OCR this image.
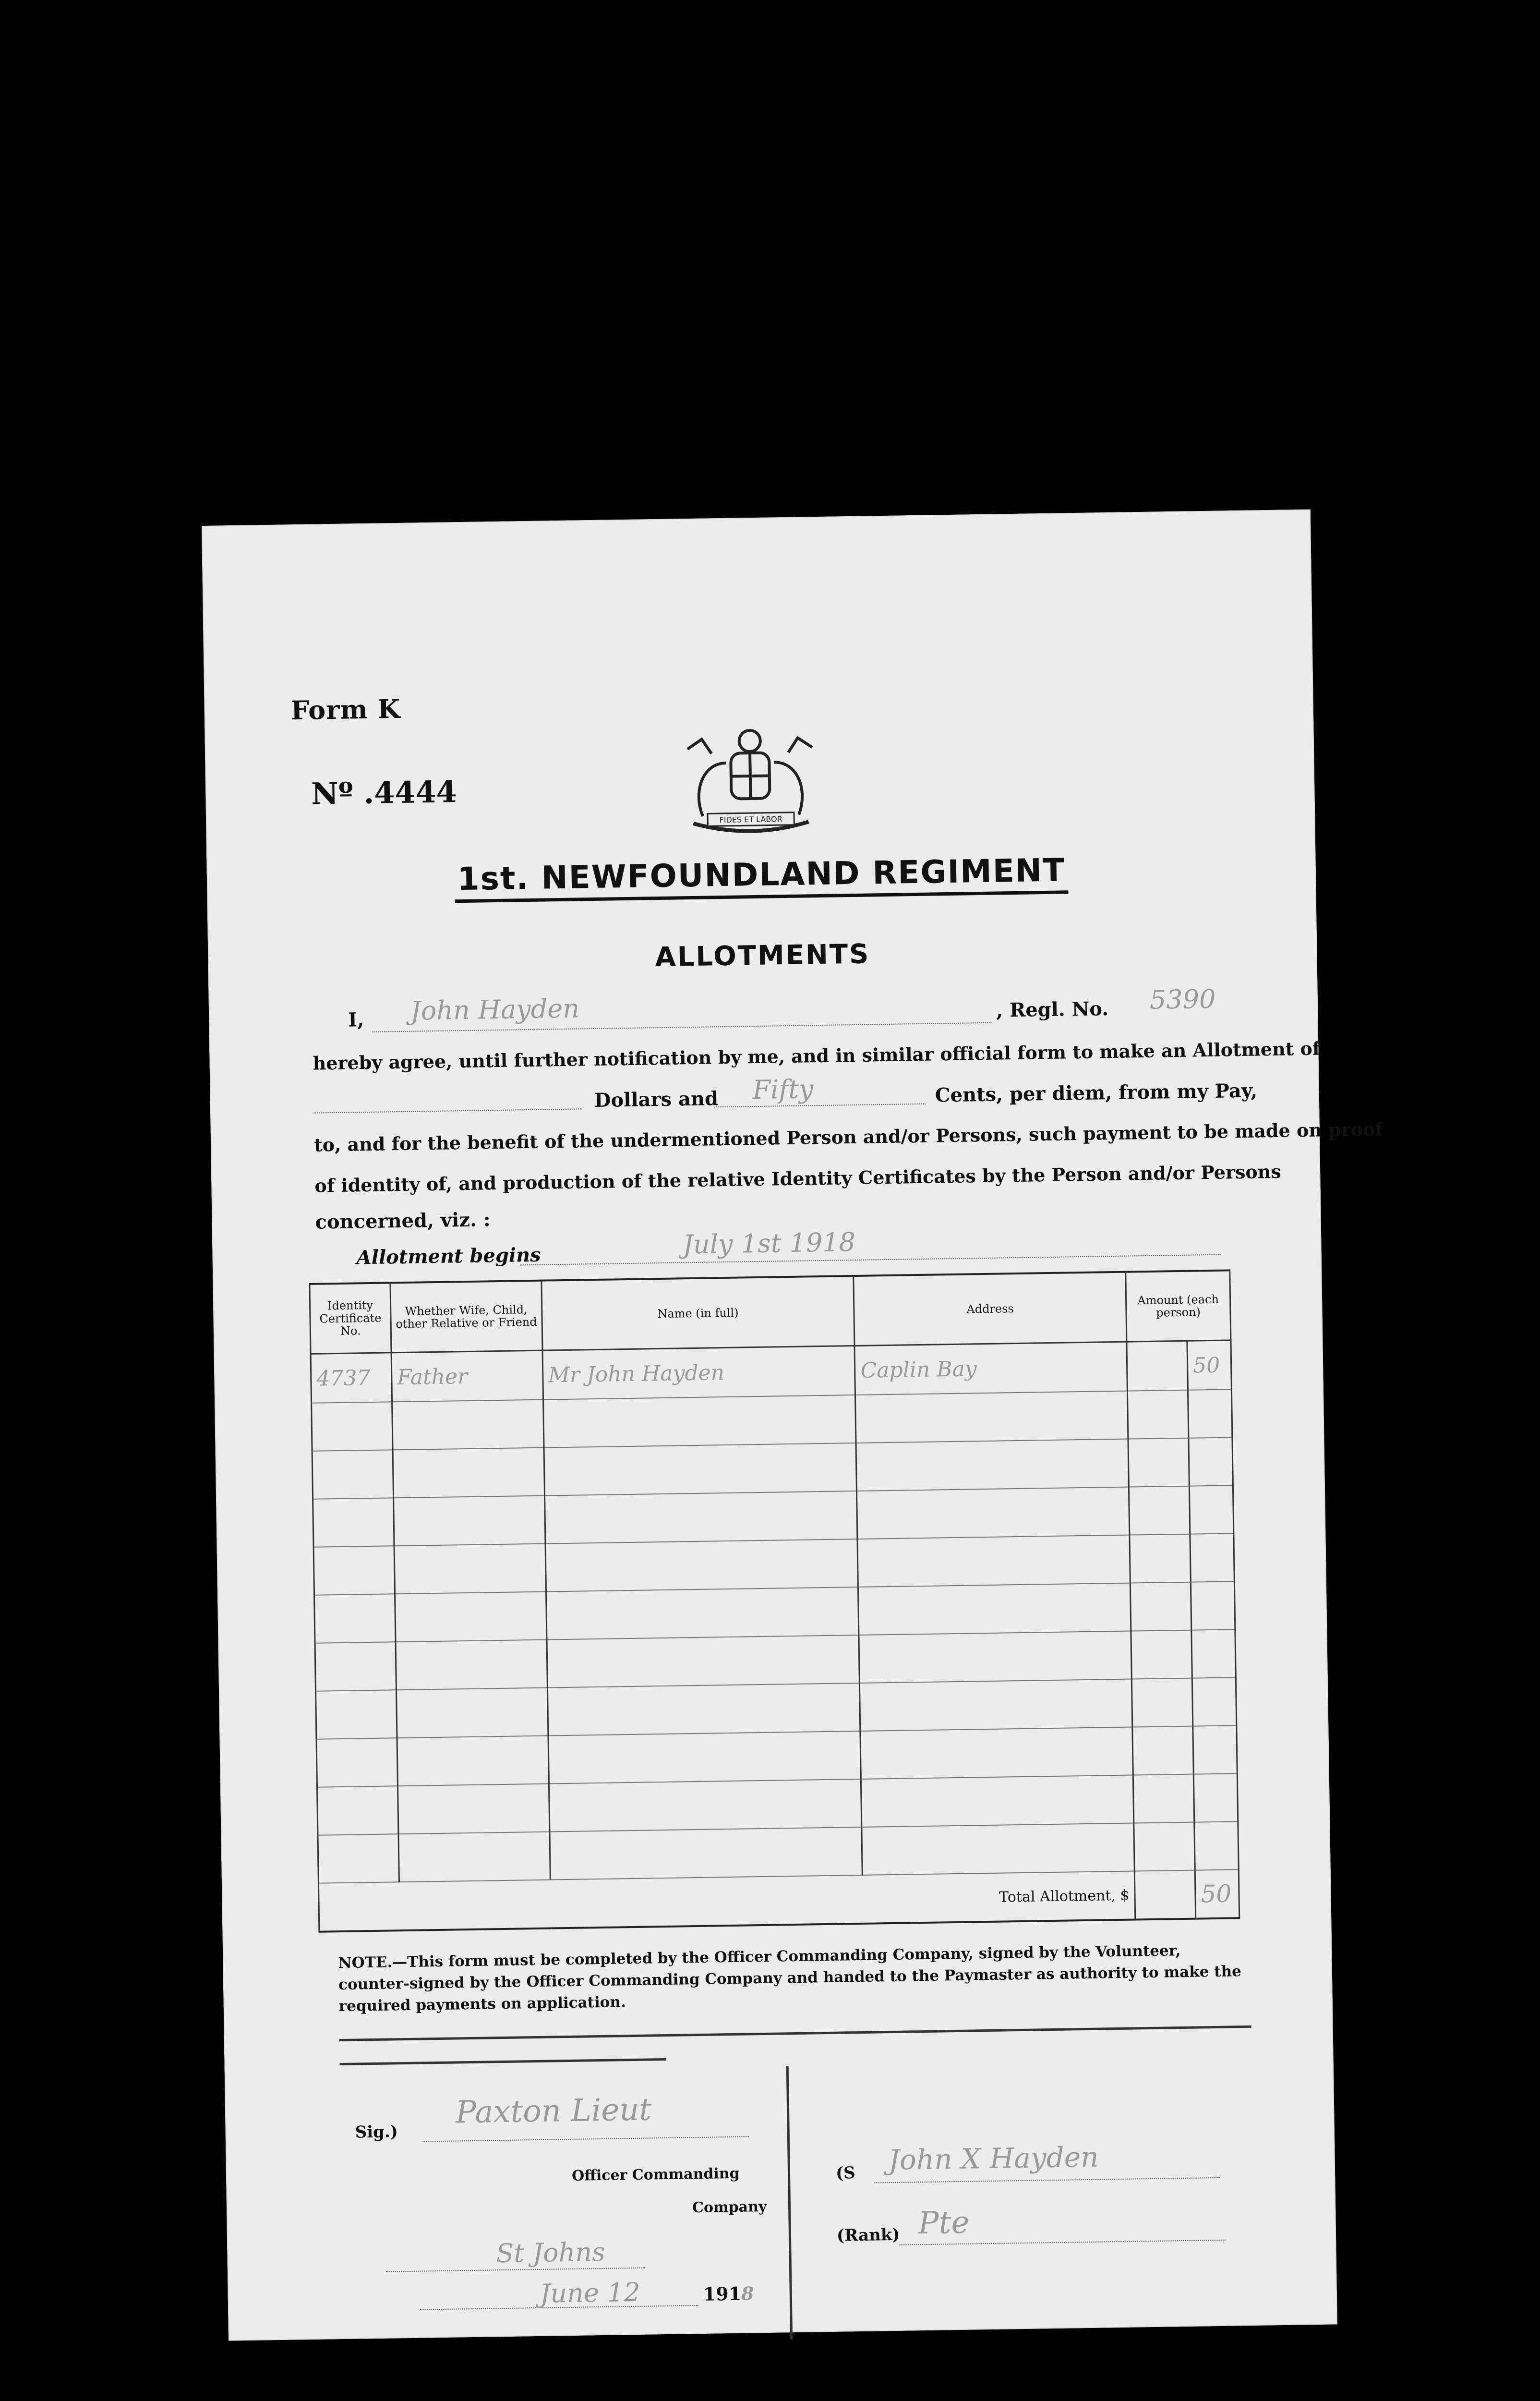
Form K
Nº .4444
FIDES ET LABOR
1st. NEWFOUNDLAND REGIMENT
ALLOTMENTS
I, John Hayden	, Regl. No. 5390
hereby agree, until further notification by me, and in similar official form to make an Allotment of
Dollars and Fifty	Cents, per diem, from my Pay,
to, and for the benefit of the undermentioned Person and/or Persons, such payment to be made on proof
of identity of, and production of the relative Identity Certificates by the Person and/or Persons
concerned, viz. :
Allotment begins	July 1st 1918
Identity Certificate No.	Whether Wife, Child, other Relative or Friend	Name (in full)	Address	Amount (each person)	
4737	Father	Mr John Hayden	Caplin Bay		50

Total Allotment, $					50
NOTE.—This form must be completed by the Officer Commanding Company, signed by the Volunteer, counter-signed by the Officer Commanding Company and handed to the Paymaster as authority to make the required payments on application.
Sig.)
Paxton Lieut
Officer Commanding
Company
St Johns
June 12	1918
(S John X Hayden
(Rank) Pte
